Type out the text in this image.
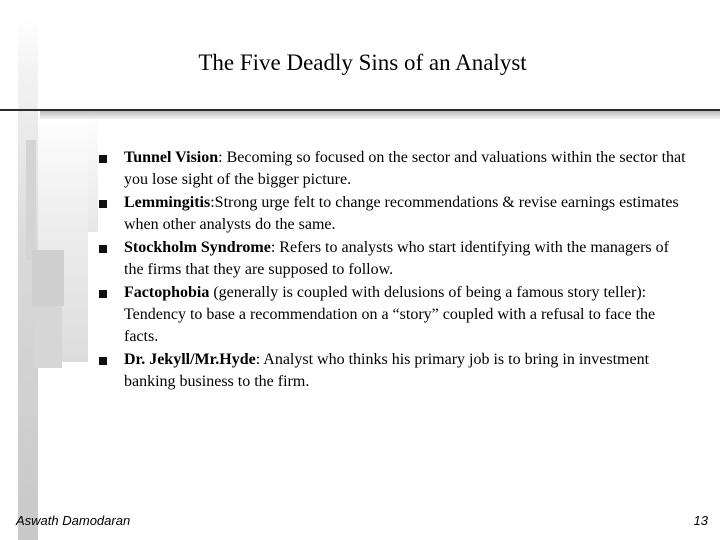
The Five Deadly Sins of an Analyst
Tunnel Vision: Becoming so focused on the sector and valuations within the sector that you lose sight of the bigger picture.
Lemmingitis:Strong urge felt to change recommendations & revise earnings estimates when other analysts do the same.
Stockholm Syndrome: Refers to analysts who start identifying with the managers of the firms that they are supposed to follow.
Factophobia (generally is coupled with delusions of being a famous story teller): Tendency to base a recommendation on a “story” coupled with a refusal to face the facts.
Dr. Jekyll/Mr.Hyde: Analyst who thinks his primary job is to bring in investment banking business to the firm.
Aswath Damodaran	13
